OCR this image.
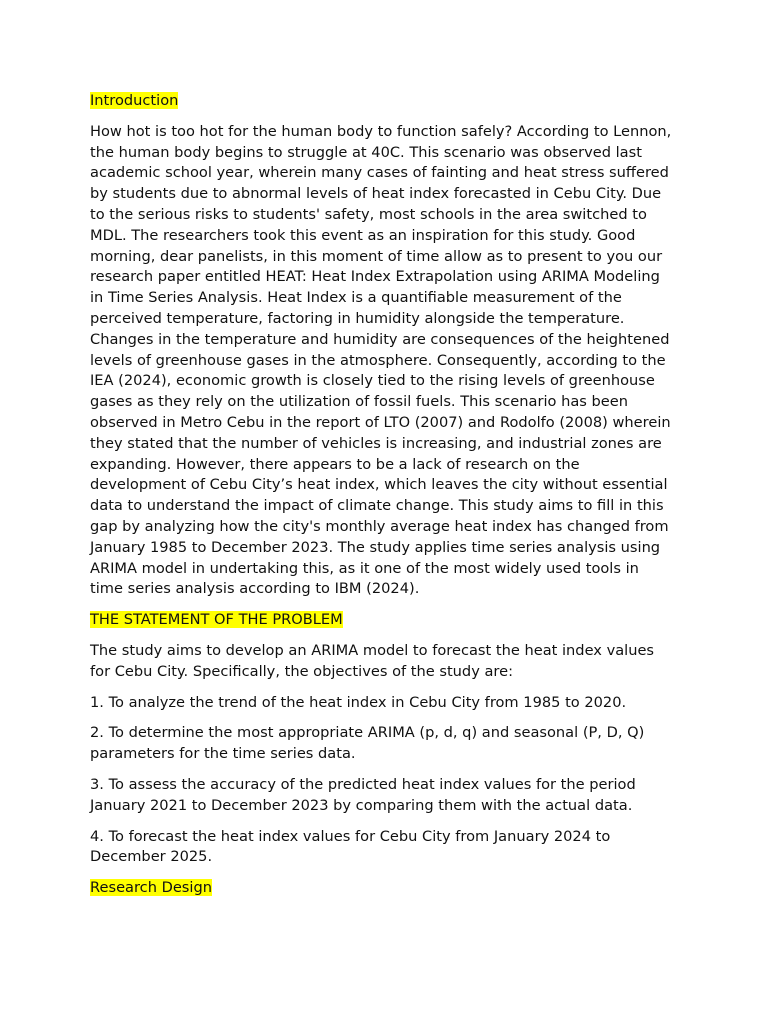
Introduction

How hot is too hot for the human body to function safely? According to Lennon, the human body begins to struggle at 40C. This scenario was observed last academic school year, wherein many cases of fainting and heat stress suffered by students due to abnormal levels of heat index forecasted in Cebu City. Due to the serious risks to students' safety, most schools in the area switched to MDL. The researchers took this event as an inspiration for this study. Good morning, dear panelists, in this moment of time allow as to present to you our research paper entitled HEAT: Heat Index Extrapolation using ARIMA Modeling in Time Series Analysis. Heat Index is a quantifiable measurement of the perceived temperature, factoring in humidity alongside the temperature. Changes in the temperature and humidity are consequences of the heightened levels of greenhouse gases in the atmosphere. Consequently, according to the IEA (2024), economic growth is closely tied to the rising levels of greenhouse gases as they rely on the utilization of fossil fuels. This scenario has been observed in Metro Cebu in the report of LTO (2007) and Rodolfo (2008) wherein they stated that the number of vehicles is increasing, and industrial zones are expanding. However, there appears to be a lack of research on the development of Cebu City’s heat index, which leaves the city without essential data to understand the impact of climate change. This study aims to fill in this gap by analyzing how the city's monthly average heat index has changed from January 1985 to December 2023. The study applies time series analysis using ARIMA model in undertaking this, as it one of the most widely used tools in time series analysis according to IBM (2024).

THE STATEMENT OF THE PROBLEM

The study aims to develop an ARIMA model to forecast the heat index values for Cebu City. Specifically, the objectives of the study are:

1. To analyze the trend of the heat index in Cebu City from 1985 to 2020.

2. To determine the most appropriate ARIMA (p, d, q) and seasonal (P, D, Q) parameters for the time series data.

3. To assess the accuracy of the predicted heat index values for the period January 2021 to December 2023 by comparing them with the actual data.

4. To forecast the heat index values for Cebu City from January 2024 to December 2025.

Research Design
